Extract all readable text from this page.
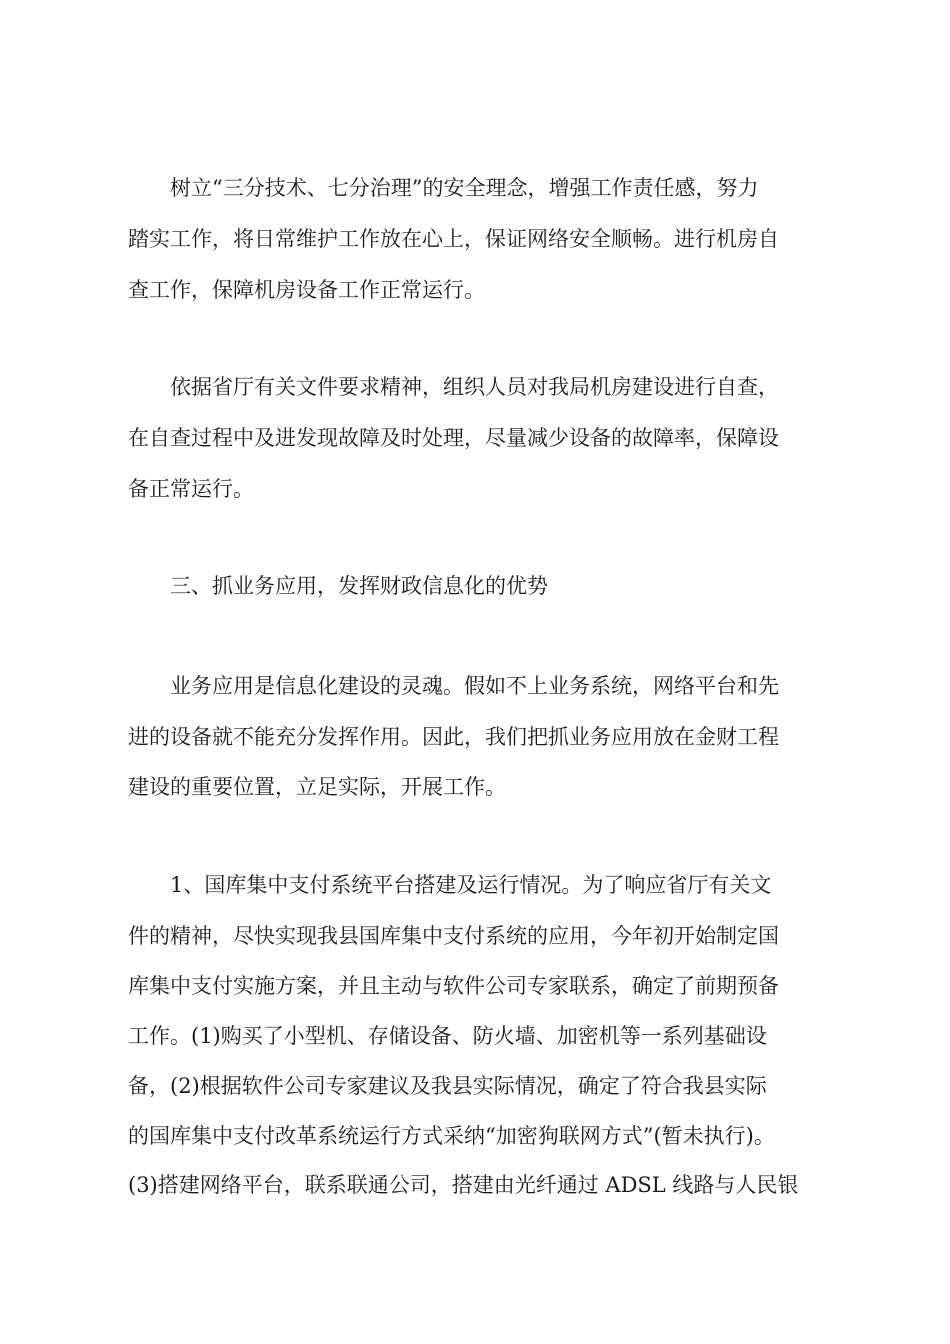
树立“三分技术、七分治理”的安全理念，增强工作责任感，努力

踏实工作，将日常维护工作放在心上，保证网络安全顺畅。进行机房自

查工作，保障机房设备工作正常运行。

依据省厅有关文件要求精神，组织人员对我局机房建设进行自查，

在自查过程中及进发现故障及时处理，尽量减少设备的故障率，保障设

备正常运行。

三、抓业务应用，发挥财政信息化的优势

业务应用是信息化建设的灵魂。假如不上业务系统，网络平台和先

进的设备就不能充分发挥作用。因此，我们把抓业务应用放在金财工程

建设的重要位置，立足实际，开展工作。

1、国库集中支付系统平台搭建及运行情况。为了响应省厅有关文

件的精神，尽快实现我县国库集中支付系统的应用，今年初开始制定国

库集中支付实施方案，并且主动与软件公司专家联系，确定了前期预备

工作。(1)购买了小型机、存储设备、防火墙、加密机等一系列基础设

备，(2)根据软件公司专家建议及我县实际情况，确定了符合我县实际

的国库集中支付改革系统运行方式采纳“加密狗联网方式”(暂未执行)。

(3)搭建网络平台，联系联通公司，搭建由光纤通过 ADSL 线路与人民银
